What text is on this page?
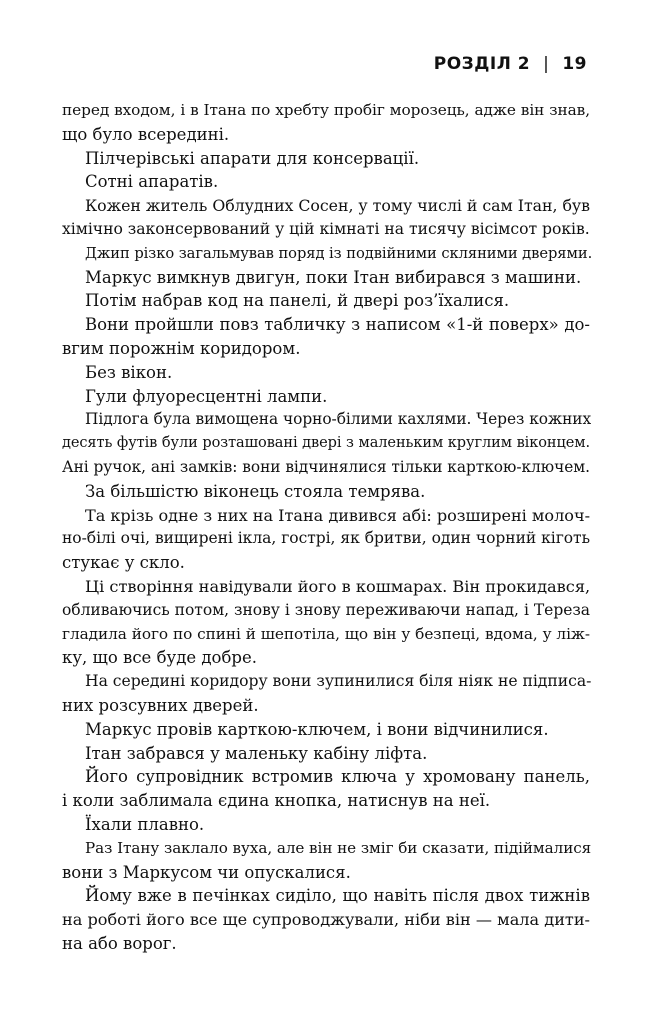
РОЗДІЛ 2 | 19
перед входом, і в Ітана по хребту пробіг морозець, адже він знав,
що було всередині.
Пілчерівські апарати для консервації.
Сотні апаратів.
Кожен житель Облудних Сосен, у тому числі й сам Ітан, був
хімічно законсервований у цій кімнаті на тисячу вісімсот років.
Джип різко загальмував поряд із подвійними скляними дверями.
Маркус вимкнув двигун, поки Ітан вибирався з машини.
Потім набрав код на панелі, й двері роз’їхалися.
Вони пройшли повз табличку з написом «1-й поверх» до-
вгим порожнім коридором.
Без вікон.
Гули флуоресцентні лампи.
Підлога була вимощена чорно-білими кахлями. Через кожних
десять футів були розташовані двері з маленьким круглим віконцем.
Ані ручок, ані замків: вони відчинялися тільки карткою-ключем.
За більшістю віконець стояла темрява.
Та крізь одне з них на Ітана дивився абі: розширені молоч-
но-білі очі, вищирені ікла, гострі, як бритви, один чорний кіготь
стукає у скло.
Ці створіння навідували його в кошмарах. Він прокидався,
обливаючись потом, знову і знову переживаючи напад, і Тереза
гладила його по спині й шепотіла, що він у безпеці, вдома, у ліж-
ку, що все буде добре.
На середині коридору вони зупинилися біля ніяк не підписа-
них розсувних дверей.
Маркус провів карткою-ключем, і вони відчинилися.
Ітан забрався у маленьку кабіну ліфта.
Його супровідник встромив ключа у хромовану панель,
і коли заблимала єдина кнопка, натиснув на неї.
Їхали плавно.
Раз Ітану заклало вуха, але він не зміг би сказати, підіймалися
вони з Маркусом чи опускалися.
Йому вже в печінках сиділо, що навіть після двох тижнів
на роботі його все ще супроводжували, ніби він — мала дити-
на або ворог.
